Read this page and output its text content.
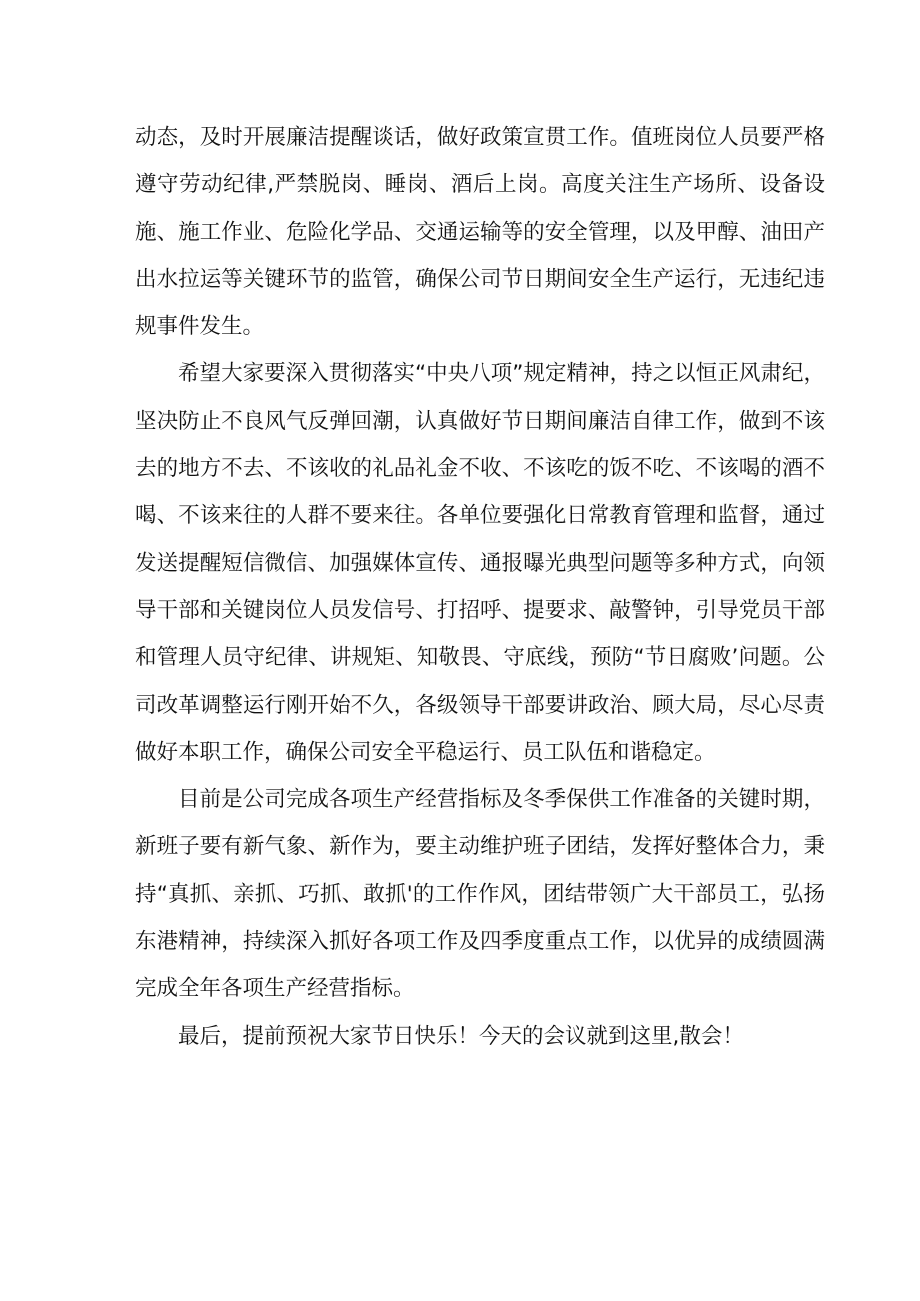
动态，及时开展廉洁提醒谈话，做好政策宣贯工作。值班岗位人员要严格遵守劳动纪律,严禁脱岗、睡岗、酒后上岗。高度关注生产场所、设备设施、施工作业、危险化学品、交通运输等的安全管理，以及甲醇、油田产出水拉运等关键环节的监管，确保公司节日期间安全生产运行，无违纪违规事件发生。

希望大家要深入贯彻落实“中央八项”规定精神，持之以恒正风肃纪，坚决防止不良风气反弹回潮，认真做好节日期间廉洁自律工作，做到不该去的地方不去、不该收的礼品礼金不收、不该吃的饭不吃、不该喝的酒不喝、不该来往的人群不要来往。各单位要强化日常教育管理和监督，通过发送提醒短信微信、加强媒体宣传、通报曝光典型问题等多种方式，向领导干部和关键岗位人员发信号、打招呼、提要求、敲警钟，引导党员干部和管理人员守纪律、讲规矩、知敬畏、守底线，预防“节日腐败’问题。公司改革调整运行刚开始不久，各级领导干部要讲政治、顾大局，尽心尽责做好本职工作，确保公司安全平稳运行、员工队伍和谐稳定。

目前是公司完成各项生产经营指标及冬季保供工作准备的关键时期，新班子要有新气象、新作为，要主动维护班子团结，发挥好整体合力，秉持“真抓、亲抓、巧抓、敢抓'的工作作风，团结带领广大干部员工，弘扬东港精神，持续深入抓好各项工作及四季度重点工作，以优异的成绩圆满完成全年各项生产经营指标。

最后，提前预祝大家节日快乐！今天的会议就到这里,散会！
